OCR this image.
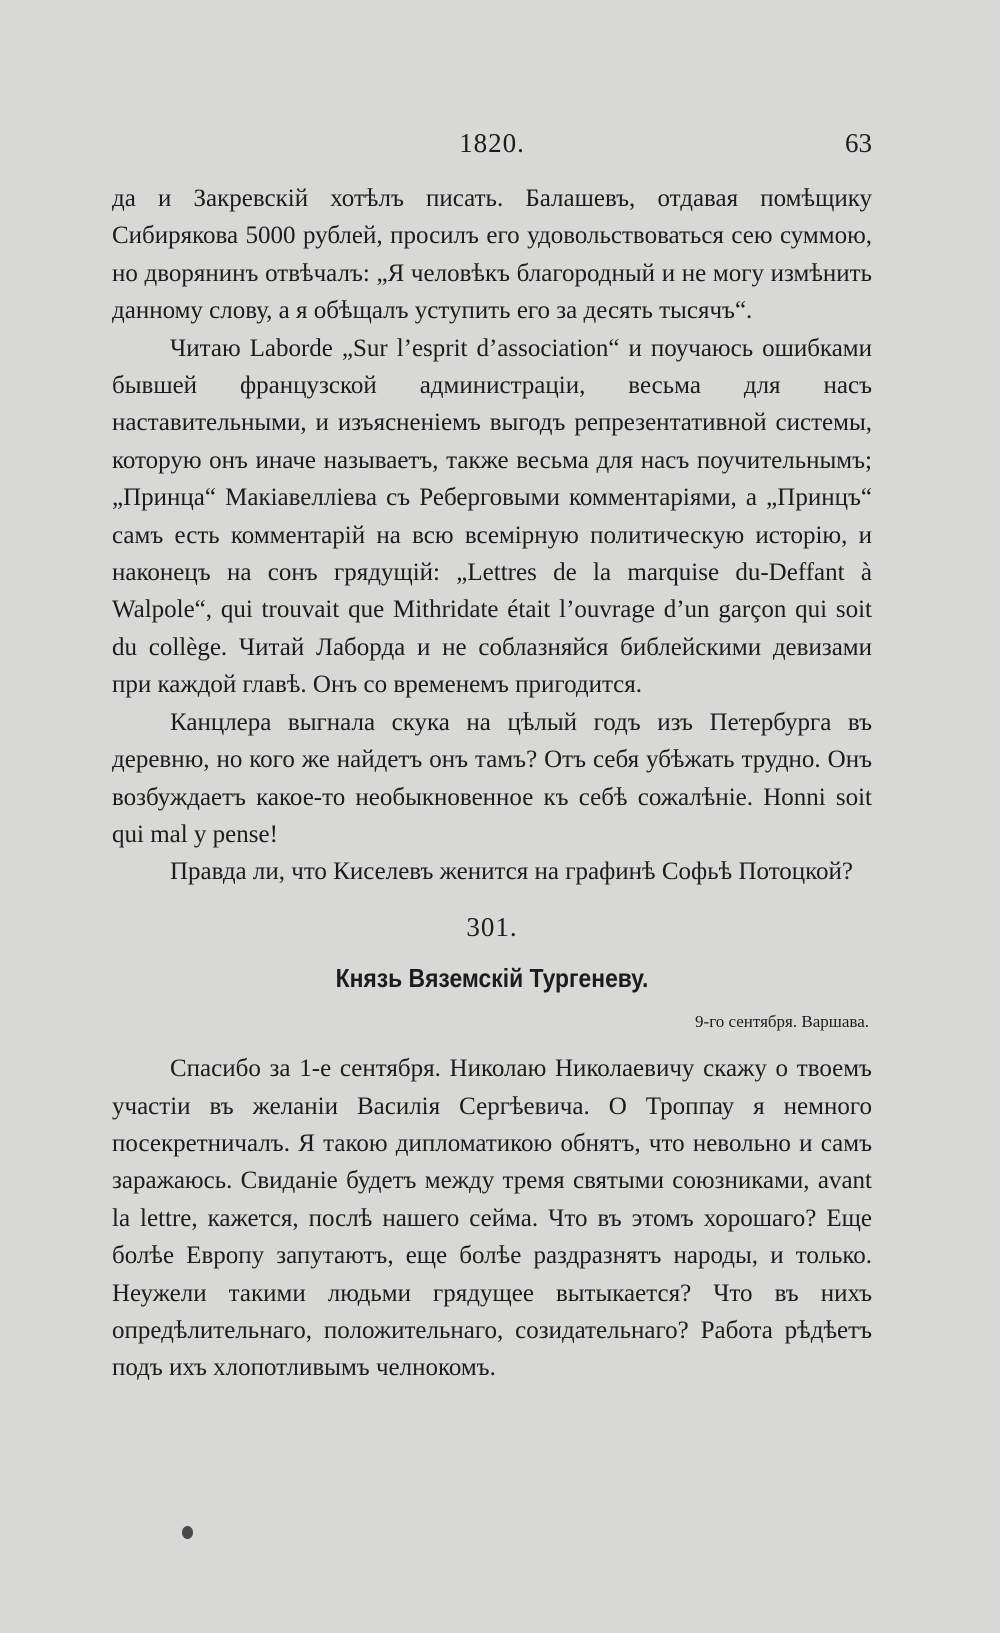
1820.	63

да и Закревскій хотѣлъ писать. Балашевъ, отдавая помѣщику Сибирякова 5000 рублей, просилъ его удовольствоваться сею суммою, но дворянинъ отвѣчалъ: „Я человѣкъ благородный и не могу измѣнить данному слову, а я обѣщалъ уступить его за десять тысячъ“.

Читаю Laborde „Sur l’esprit d’association“ и поучаюсь ошибками бывшей французской администраціи, весьма для насъ наставительными, и изъясненіемъ выгодъ репрезентативной системы, которую онъ иначе называетъ, также весьма для насъ поучительнымъ; „Принца“ Макіавелліева съ Реберговыми комментаріями, а „Принцъ“ самъ есть комментарій на всю всемірную политическую исторію, и наконецъ на сонъ грядущій: „Lettres de la marquise du-Deffant à Walpole“, qui trouvait que Mithridate était l’ouvrage d’un garçon qui soit du collège. Читай Лаборда и не соблазняйся библейскими девизами при каждой главѣ. Онъ со временемъ пригодится.

Канцлера выгнала скука на цѣлый годъ изъ Петербурга въ деревню, но кого же найдетъ онъ тамъ? Отъ себя убѣжать трудно. Онъ возбуждаетъ какое-то необыкновенное къ себѣ сожалѣніе. Honni soit qui mal y pense!

Правда ли, что Киселевъ женится на графинѣ Софьѣ Потоцкой?

301.

Князь Вяземскій Тургеневу.

9-го сентября. Варшава.

Спасибо за 1-е сентября. Николаю Николаевичу скажу о твоемъ участіи въ желаніи Василія Сергѣевича. О Троппау я немного посекретничалъ. Я такою дипломатикою обнятъ, что невольно и самъ заражаюсь. Свиданіе будетъ между тремя святыми союзниками, avant la lettre, кажется, послѣ нашего сейма. Что въ этомъ хорошаго? Еще болѣе Европу запутаютъ, еще болѣе раздразнятъ народы, и только. Неужели такими людьми грядущее вытыкается? Что въ нихъ опредѣлительнаго, положительнаго, созидательнаго? Работа рѣдѣетъ подъ ихъ хлопотливымъ челнокомъ.
